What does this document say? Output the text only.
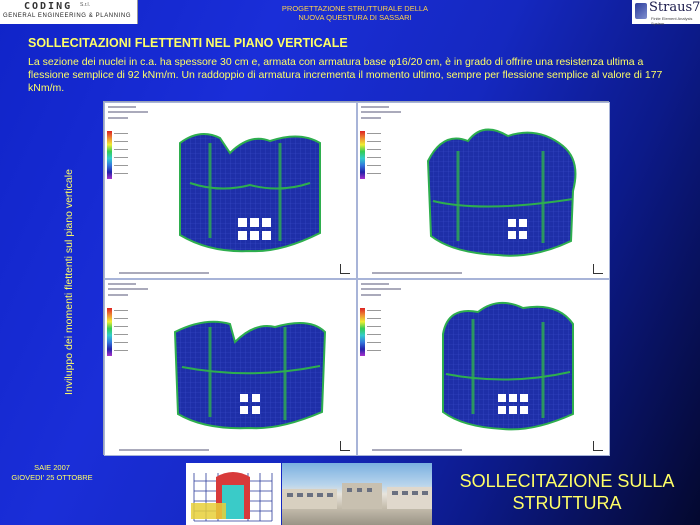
CODING S.r.l.
GENERAL ENGINEERING & PLANNING
PROGETTAZIONE STRUTTURALE DELLA
NUOVA QUESTURA DI SASSARI
Straus7
Finite Element Analysis System
SOLLECITAZIONI FLETTENTI NEL PIANO VERTICALE
La sezione dei nuclei in c.a. ha spessore 30 cm e, armata con armatura base φ16/20 cm, è in grado di offrire una resistenza ultima a flessione semplice di 92 kNm/m. Un raddoppio di armatura incrementa il momento ultimo, sempre per flessione semplice al valore di 177 kNm/m.
Inviluppo dei momenti flettenti sul piano verticale
SAIE 2007
GIOVEDI' 25 OTTOBRE	SOLLECITAZIONE SULLA
STRUTTURA
